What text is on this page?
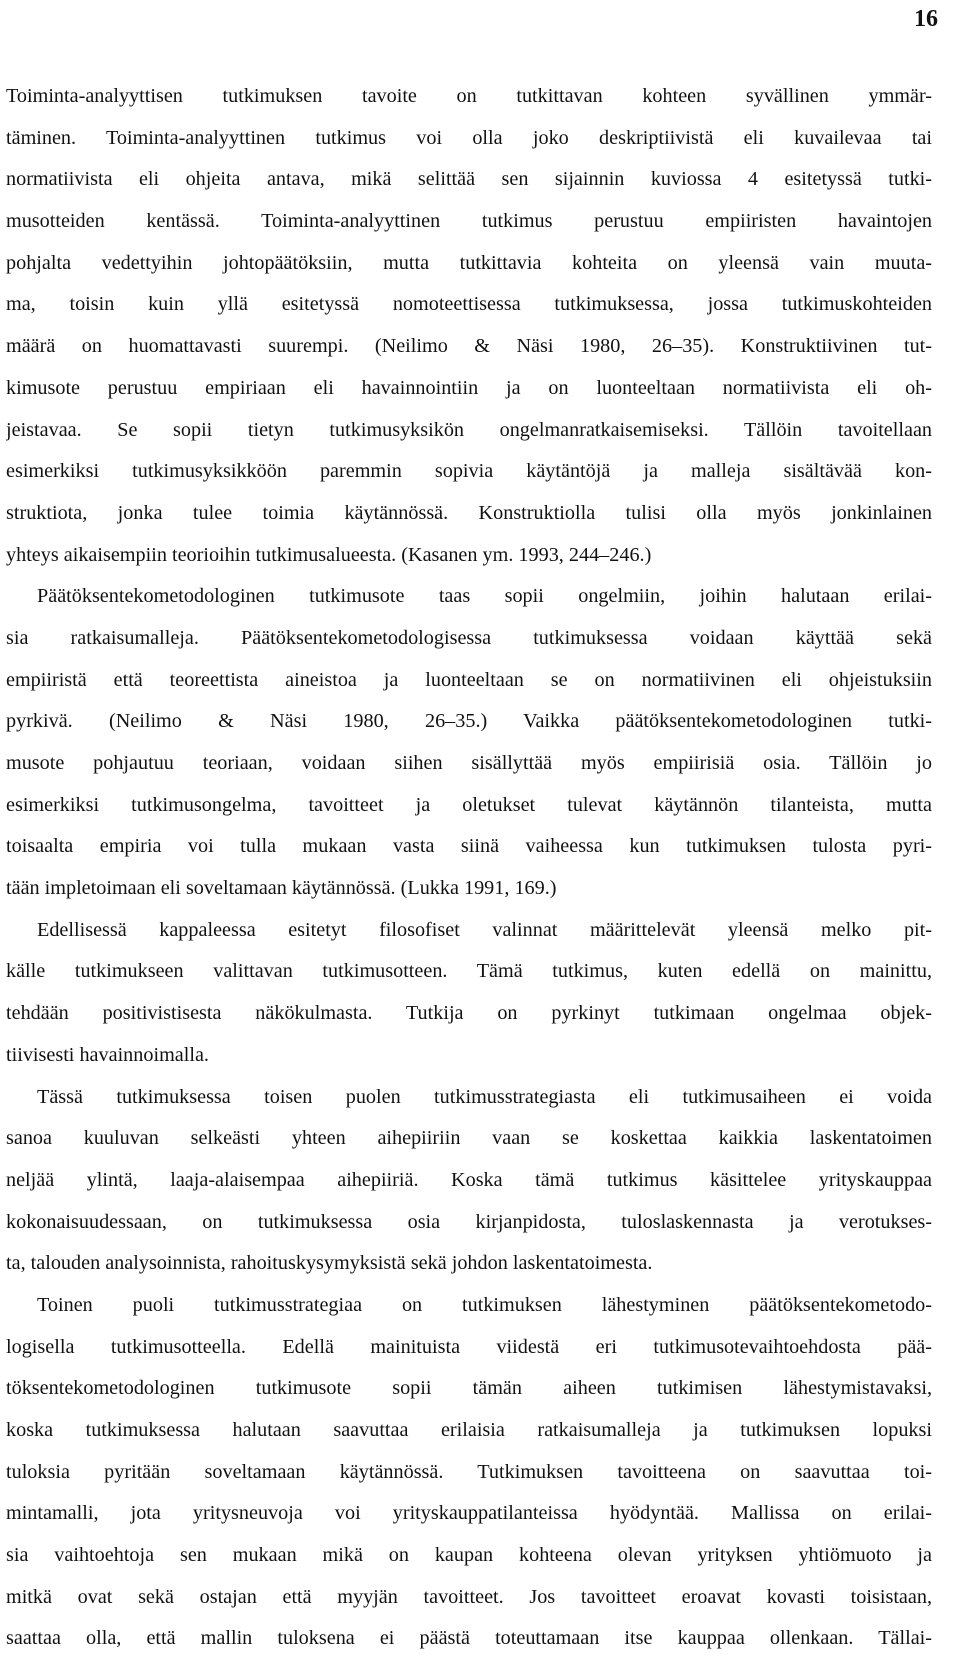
16
Toiminta-analyyttisen tutkimuksen tavoite on tutkittavan kohteen syvällinen ymmär-
täminen. Toiminta-analyyttinen tutkimus voi olla joko deskriptiivistä eli kuvailevaa tai
normatiivista eli ohjeita antava, mikä selittää sen sijainnin kuviossa 4 esitetyssä tutki-
musotteiden kentässä. Toiminta-analyyttinen tutkimus perustuu empiiristen havaintojen
pohjalta vedettyihin johtopäätöksiin, mutta tutkittavia kohteita on yleensä vain muuta-
ma, toisin kuin yllä esitetyssä nomoteettisessa tutkimuksessa, jossa tutkimuskohteiden
määrä on huomattavasti suurempi. (Neilimo & Näsi 1980, 26–35). Konstruktiivinen tut-
kimusote perustuu empiriaan eli havainnointiin ja on luonteeltaan normatiivista eli oh-
jeistavaa. Se sopii tietyn tutkimusyksikön ongelmanratkaisemiseksi. Tällöin tavoitellaan
esimerkiksi tutkimusyksikköön paremmin sopivia käytäntöjä ja malleja sisältävää kon-
struktiota, jonka tulee toimia käytännössä. Konstruktiolla tulisi olla myös jonkinlainen
yhteys aikaisempiin teorioihin tutkimusalueesta. (Kasanen ym. 1993, 244–246.)
Päätöksentekometodologinen tutkimusote taas sopii ongelmiin, joihin halutaan erilai-
sia ratkaisumalleja. Päätöksentekometodologisessa tutkimuksessa voidaan käyttää sekä
empiiristä että teoreettista aineistoa ja luonteeltaan se on normatiivinen eli ohjeistuksiin
pyrkivä. (Neilimo & Näsi 1980, 26–35.) Vaikka päätöksentekometodologinen tutki-
musote pohjautuu teoriaan, voidaan siihen sisällyttää myös empiirisiä osia. Tällöin jo
esimerkiksi tutkimusongelma, tavoitteet ja oletukset tulevat käytännön tilanteista, mutta
toisaalta empiria voi tulla mukaan vasta siinä vaiheessa kun tutkimuksen tulosta pyri-
tään impletoimaan eli soveltamaan käytännössä. (Lukka 1991, 169.)
Edellisessä kappaleessa esitetyt filosofiset valinnat määrittelevät yleensä melko pit-
källe tutkimukseen valittavan tutkimusotteen. Tämä tutkimus, kuten edellä on mainittu,
tehdään positivistisesta näkökulmasta. Tutkija on pyrkinyt tutkimaan ongelmaa objek-
tiivisesti havainnoimalla.
Tässä tutkimuksessa toisen puolen tutkimusstrategiasta eli tutkimusaiheen ei voida
sanoa kuuluvan selkeästi yhteen aihepiiriin vaan se koskettaa kaikkia laskentatoimen
neljää ylintä, laaja-alaisempaa aihepiiriä. Koska tämä tutkimus käsittelee yrityskauppaa
kokonaisuudessaan, on tutkimuksessa osia kirjanpidosta, tuloslaskennasta ja verotukses-
ta, talouden analysoinnista, rahoituskysymyksistä sekä johdon laskentatoimesta.
Toinen puoli tutkimusstrategiaa on tutkimuksen lähestyminen päätöksentekometodo-
logisella tutkimusotteella. Edellä mainituista viidestä eri tutkimusotevaihtoehdosta pää-
töksentekometodologinen tutkimusote sopii tämän aiheen tutkimisen lähestymistavaksi,
koska tutkimuksessa halutaan saavuttaa erilaisia ratkaisumalleja ja tutkimuksen lopuksi
tuloksia pyritään soveltamaan käytännössä. Tutkimuksen tavoitteena on saavuttaa toi-
mintamalli, jota yritysneuvoja voi yrityskauppatilanteissa hyödyntää. Mallissa on erilai-
sia vaihtoehtoja sen mukaan mikä on kaupan kohteena olevan yrityksen yhtiömuoto ja
mitkä ovat sekä ostajan että myyjän tavoitteet. Jos tavoitteet eroavat kovasti toisistaan,
saattaa olla, että mallin tuloksena ei päästä toteuttamaan itse kauppaa ollenkaan. Tällai-
